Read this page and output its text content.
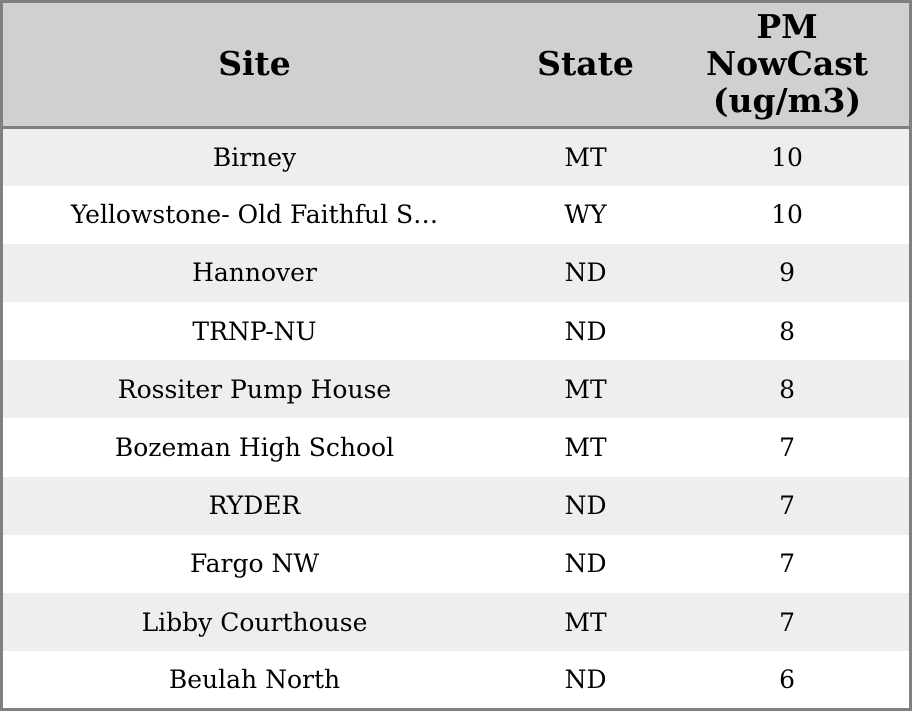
Site	State	PM NowCast (ug/m3)
Birney	MT	10
Yellowstone- Old Faithful S…	WY	10
Hannover	ND	9
TRNP-NU	ND	8
Rossiter Pump House	MT	8
Bozeman High School	MT	7
RYDER	ND	7
Fargo NW	ND	7
Libby Courthouse	MT	7
Beulah North	ND	6
